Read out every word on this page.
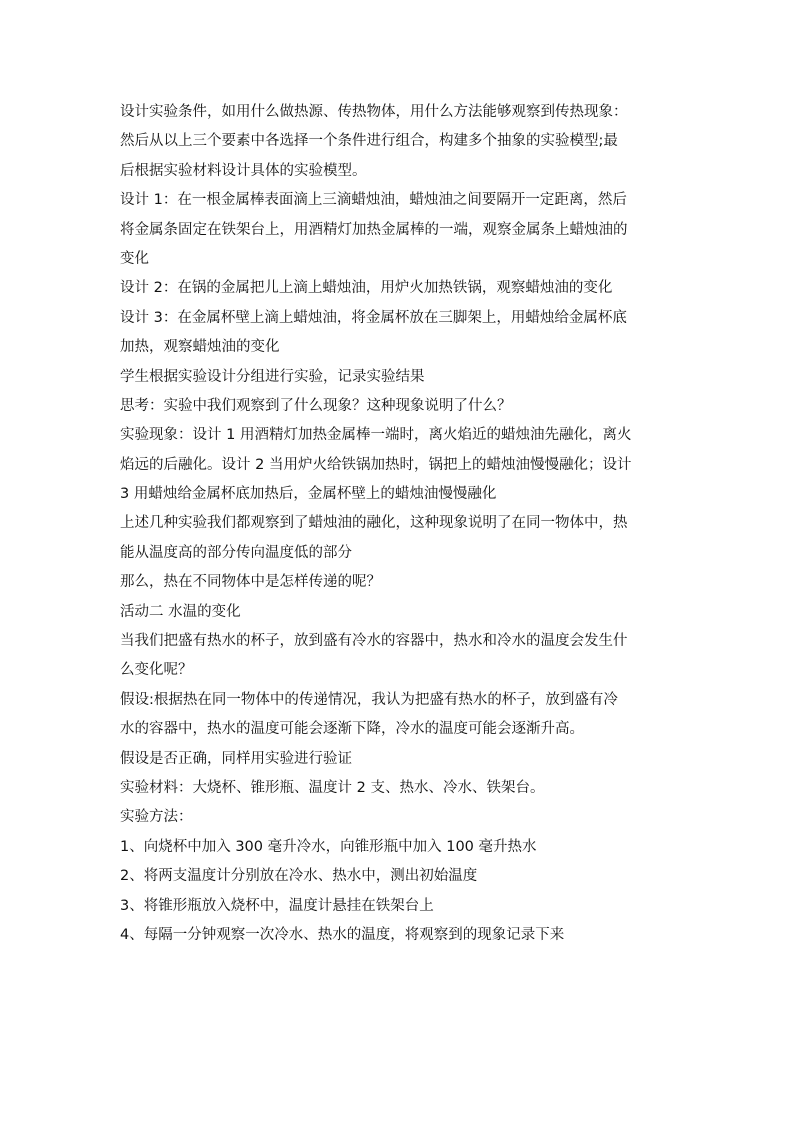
设计实验条件，如用什么做热源、传热物体，用什么方法能够观察到传热现象：
然后从以上三个要素中各选择一个条件进行组合，构建多个抽象的实验模型;最
后根据实验材料设计具体的实验模型。
设计 1：在一根金属棒表面滴上三滴蜡烛油，蜡烛油之间要隔开一定距离，然后
将金属条固定在铁架台上，用酒精灯加热金属棒的一端，观察金属条上蜡烛油的
变化
设计 2：在锅的金属把儿上滴上蜡烛油，用炉火加热铁锅，观察蜡烛油的变化
设计 3：在金属杯壁上滴上蜡烛油，将金属杯放在三脚架上，用蜡烛给金属杯底
加热，观察蜡烛油的变化
学生根据实验设计分组进行实验，记录实验结果
思考：实验中我们观察到了什么现象？这种现象说明了什么？
实验现象：设计 1 用酒精灯加热金属棒一端时，离火焰近的蜡烛油先融化，离火
焰远的后融化。设计 2 当用炉火给铁锅加热时，锅把上的蜡烛油慢慢融化；设计
3 用蜡烛给金属杯底加热后，金属杯壁上的蜡烛油慢慢融化
上述几种实验我们都观察到了蜡烛油的融化，这种现象说明了在同一物体中，热
能从温度高的部分传向温度低的部分
那么，热在不同物体中是怎样传递的呢？
活动二 水温的变化
当我们把盛有热水的杯子，放到盛有冷水的容器中，热水和冷水的温度会发生什
么变化呢？
假设:根据热在同一物体中的传递情况，我认为把盛有热水的杯子，放到盛有冷
水的容器中，热水的温度可能会逐渐下降，冷水的温度可能会逐渐升高。
假设是否正确，同样用实验进行验证
实验材料：大烧杯、锥形瓶、温度计 2 支、热水、冷水、铁架台。
实验方法：
1、向烧杯中加入 300 毫升冷水，向锥形瓶中加入 100 毫升热水
2、将两支温度计分别放在冷水、热水中，测出初始温度
3、将锥形瓶放入烧杯中，温度计悬挂在铁架台上
4、每隔一分钟观察一次冷水、热水的温度，将观察到的现象记录下来
